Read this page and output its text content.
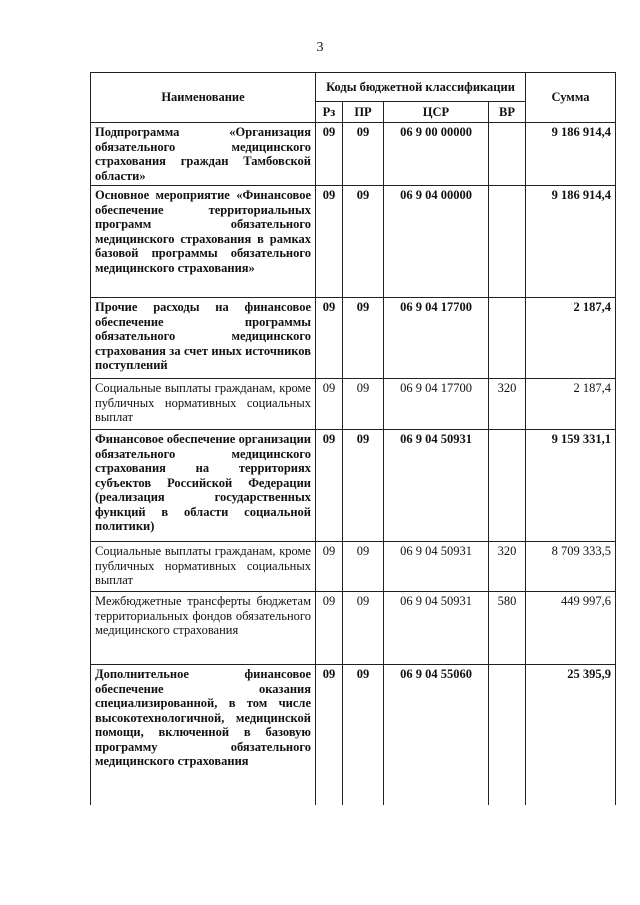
3
Наименование	Коды бюджетной классификации				Сумма
	Рз	ПР	ЦСР	ВР	
Подпрограмма «Организация обязательного медицинского страхования граждан Тамбовской области»	09	09	06 9 00 00000		9 186 914,4
Основное мероприятие «Финансовое обеспечение территориальных программ обязательного медицинского страхования в рамках базовой программы обязательного медицинского страхования»	09	09	06 9 04 00000		9 186 914,4
Прочие расходы на финансовое обеспечение программы обязательного медицинского страхования за счет иных источников поступлений	09	09	06 9 04 17700		2 187,4
Социальные выплаты гражданам, кроме публичных нормативных социальных выплат	09	09	06 9 04 17700	320	2 187,4
Финансовое обеспечение организации обязательного медицинского страхования на территориях субъектов Российской Федерации (реализация государственных функций в области социальной политики)	09	09	06 9 04 50931		9 159 331,1
Социальные выплаты гражданам, кроме публичных нормативных социальных выплат	09	09	06 9 04 50931	320	8 709 333,5
Межбюджетные трансферты бюджетам территориальных фондов обязательного медицинского страхования	09	09	06 9 04 50931	580	449 997,6
Дополнительное финансовое обеспечение оказания специализированной, в том числе высокотехнологичной, медицинской помощи, включенной в базовую программу обязательного медицинского страхования	09	09	06 9 04 55060		25 395,9
